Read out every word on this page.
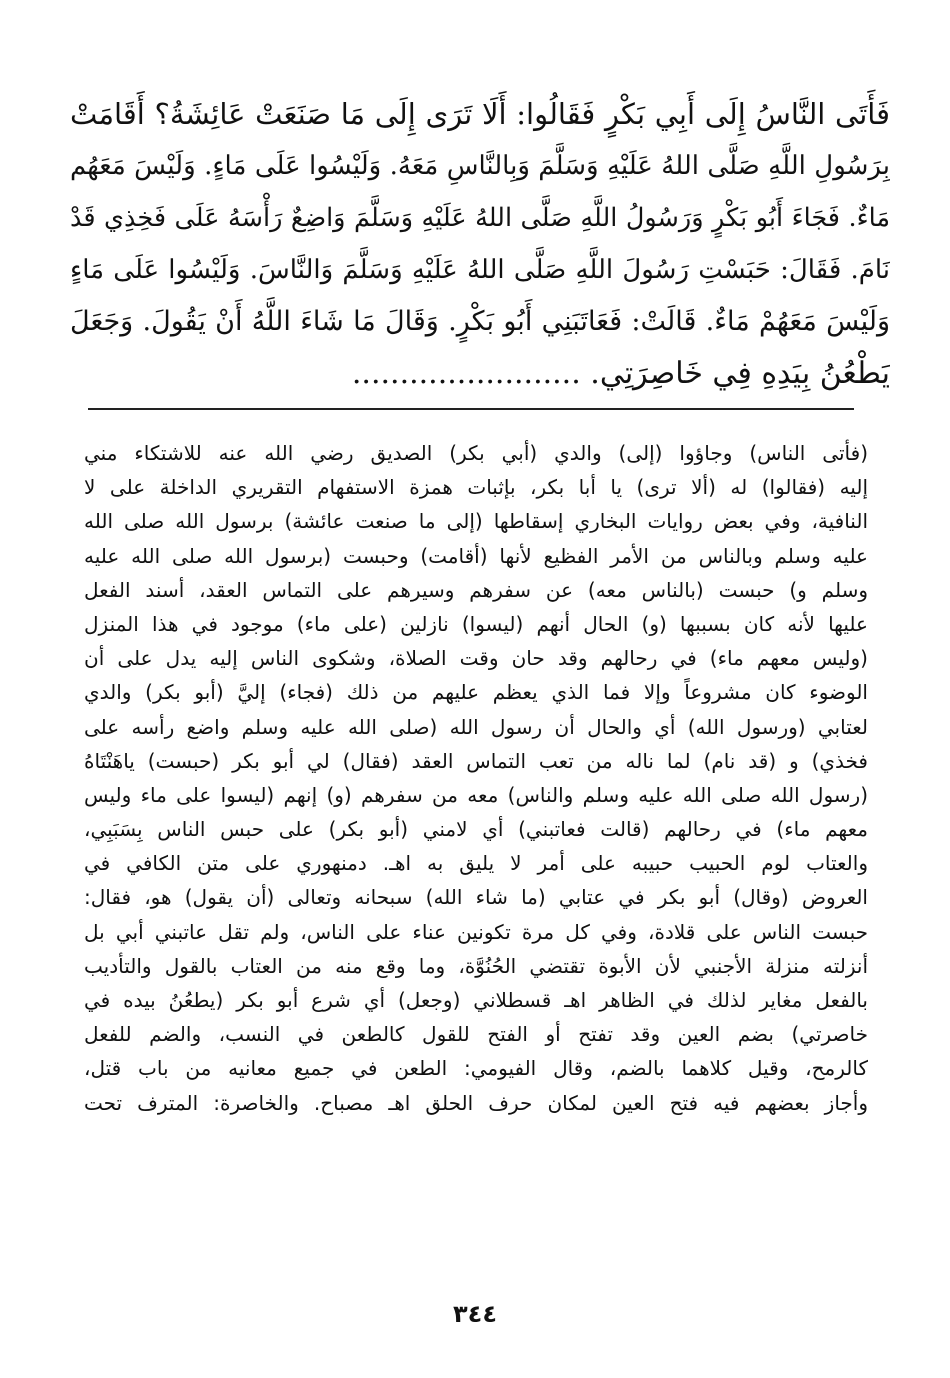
فَأَتَى النَّاسُ إِلَى أَبِي بَكْرٍ فَقَالُوا: أَلَا تَرَى إِلَى مَا صَنَعَتْ عَائِشَةُ؟ أَقَامَتْ
بِرَسُولِ اللَّهِ صَلَّى اللهُ عَلَيْهِ وَسَلَّمَ وَبِالنَّاسِ مَعَهُ. وَلَيْسُوا عَلَى مَاءٍ. وَلَيْسَ مَعَهُم
مَاءٌ. فَجَاءَ أَبُو بَكْرٍ وَرَسُولُ اللَّهِ صَلَّى اللهُ عَلَيْهِ وَسَلَّمَ وَاضِعٌ رَأْسَهُ عَلَى فَخِذِي قَدْ
نَامَ. فَقَالَ: حَبَسْتِ رَسُولَ اللَّهِ صَلَّى اللهُ عَلَيْهِ وَسَلَّمَ وَالنَّاسَ. وَلَيْسُوا عَلَى مَاءٍ
وَلَيْسَ مَعَهُمْ مَاءٌ. قَالَتْ: فَعَاتَبَنِي أَبُو بَكْرٍ. وَقَالَ مَا شَاءَ اللَّهُ أَنْ يَقُولَ. وَجَعَلَ
يَطْعُنُ بِيَدِهِ فِي خَاصِرَتِي. ........................
(فأتى الناس) وجاؤوا (إلى) والدي (أبي بكر) الصديق رضي الله عنه للاشتكاء مني
إليه (فقالوا) له (ألا ترى) يا أبا بكر، بإثبات همزة الاستفهام التقريري الداخلة على لا
النافية، وفي بعض روايات البخاري إسقاطها (إلى ما صنعت عائشة) برسول الله صلى الله
عليه وسلم وبالناس من الأمر الفظيع لأنها (أقامت) وحبست (برسول الله صلى الله عليه
وسلم و) حبست (بالناس معه) عن سفرهم وسيرهم على التماس العقد، أسند الفعل
عليها لأنه كان بسببها (و) الحال أنهم (ليسوا) نازلين (على ماء) موجود في هذا المنزل
(وليس معهم ماء) في رحالهم وقد حان وقت الصلاة، وشكوى الناس إليه يدل على أن
الوضوء كان مشروعاً وإلا فما الذي يعظم عليهم من ذلك (فجاء) إليَّ (أبو بكر) والدي
لعتابي (ورسول الله) أي والحال أن رسول الله (صلى الله عليه وسلم واضع رأسه على
فخذي) و (قد نام) لما ناله من تعب التماس العقد (فقال) لي أبو بكر (حبست) ياهَنْتَاهُ
(رسول الله صلى الله عليه وسلم والناس) معه من سفرهم (و) إنهم (ليسوا على ماء وليس
معهم ماء) في رحالهم (قالت فعاتبني) أي لامني (أبو بكر) على حبس الناس بِسَبَبِي،
والعتاب لوم الحبيب حبيبه على أمر لا يليق به اهـ. دمنهوري على متن الكافي في
العروض (وقال) أبو بكر في عتابي (ما شاء الله) سبحانه وتعالى (أن يقول) هو، فقال:
حبست الناس على قلادة، وفي كل مرة تكونين عناء على الناس، ولم تقل عاتبني أبي بل
أنزلته منزلة الأجنبي لأن الأبوة تقتضي الحُنُوَّة، وما وقع منه من العتاب بالقول والتأديب
بالفعل مغاير لذلك في الظاهر اهـ قسطلاني (وجعل) أي شرع أبو بكر (يطعُنُ بيده في
خاصرتي) بضم العين وقد تفتح أو الفتح للقول كالطعن في النسب، والضم للفعل
كالرمح، وقيل كلاهما بالضم، وقال الفيومي: الطعن في جميع معانيه من باب قتل،
وأجاز بعضهم فيه فتح العين لمكان حرف الحلق اهـ مصباح. والخاصرة: المترف تحت
٣٤٤
